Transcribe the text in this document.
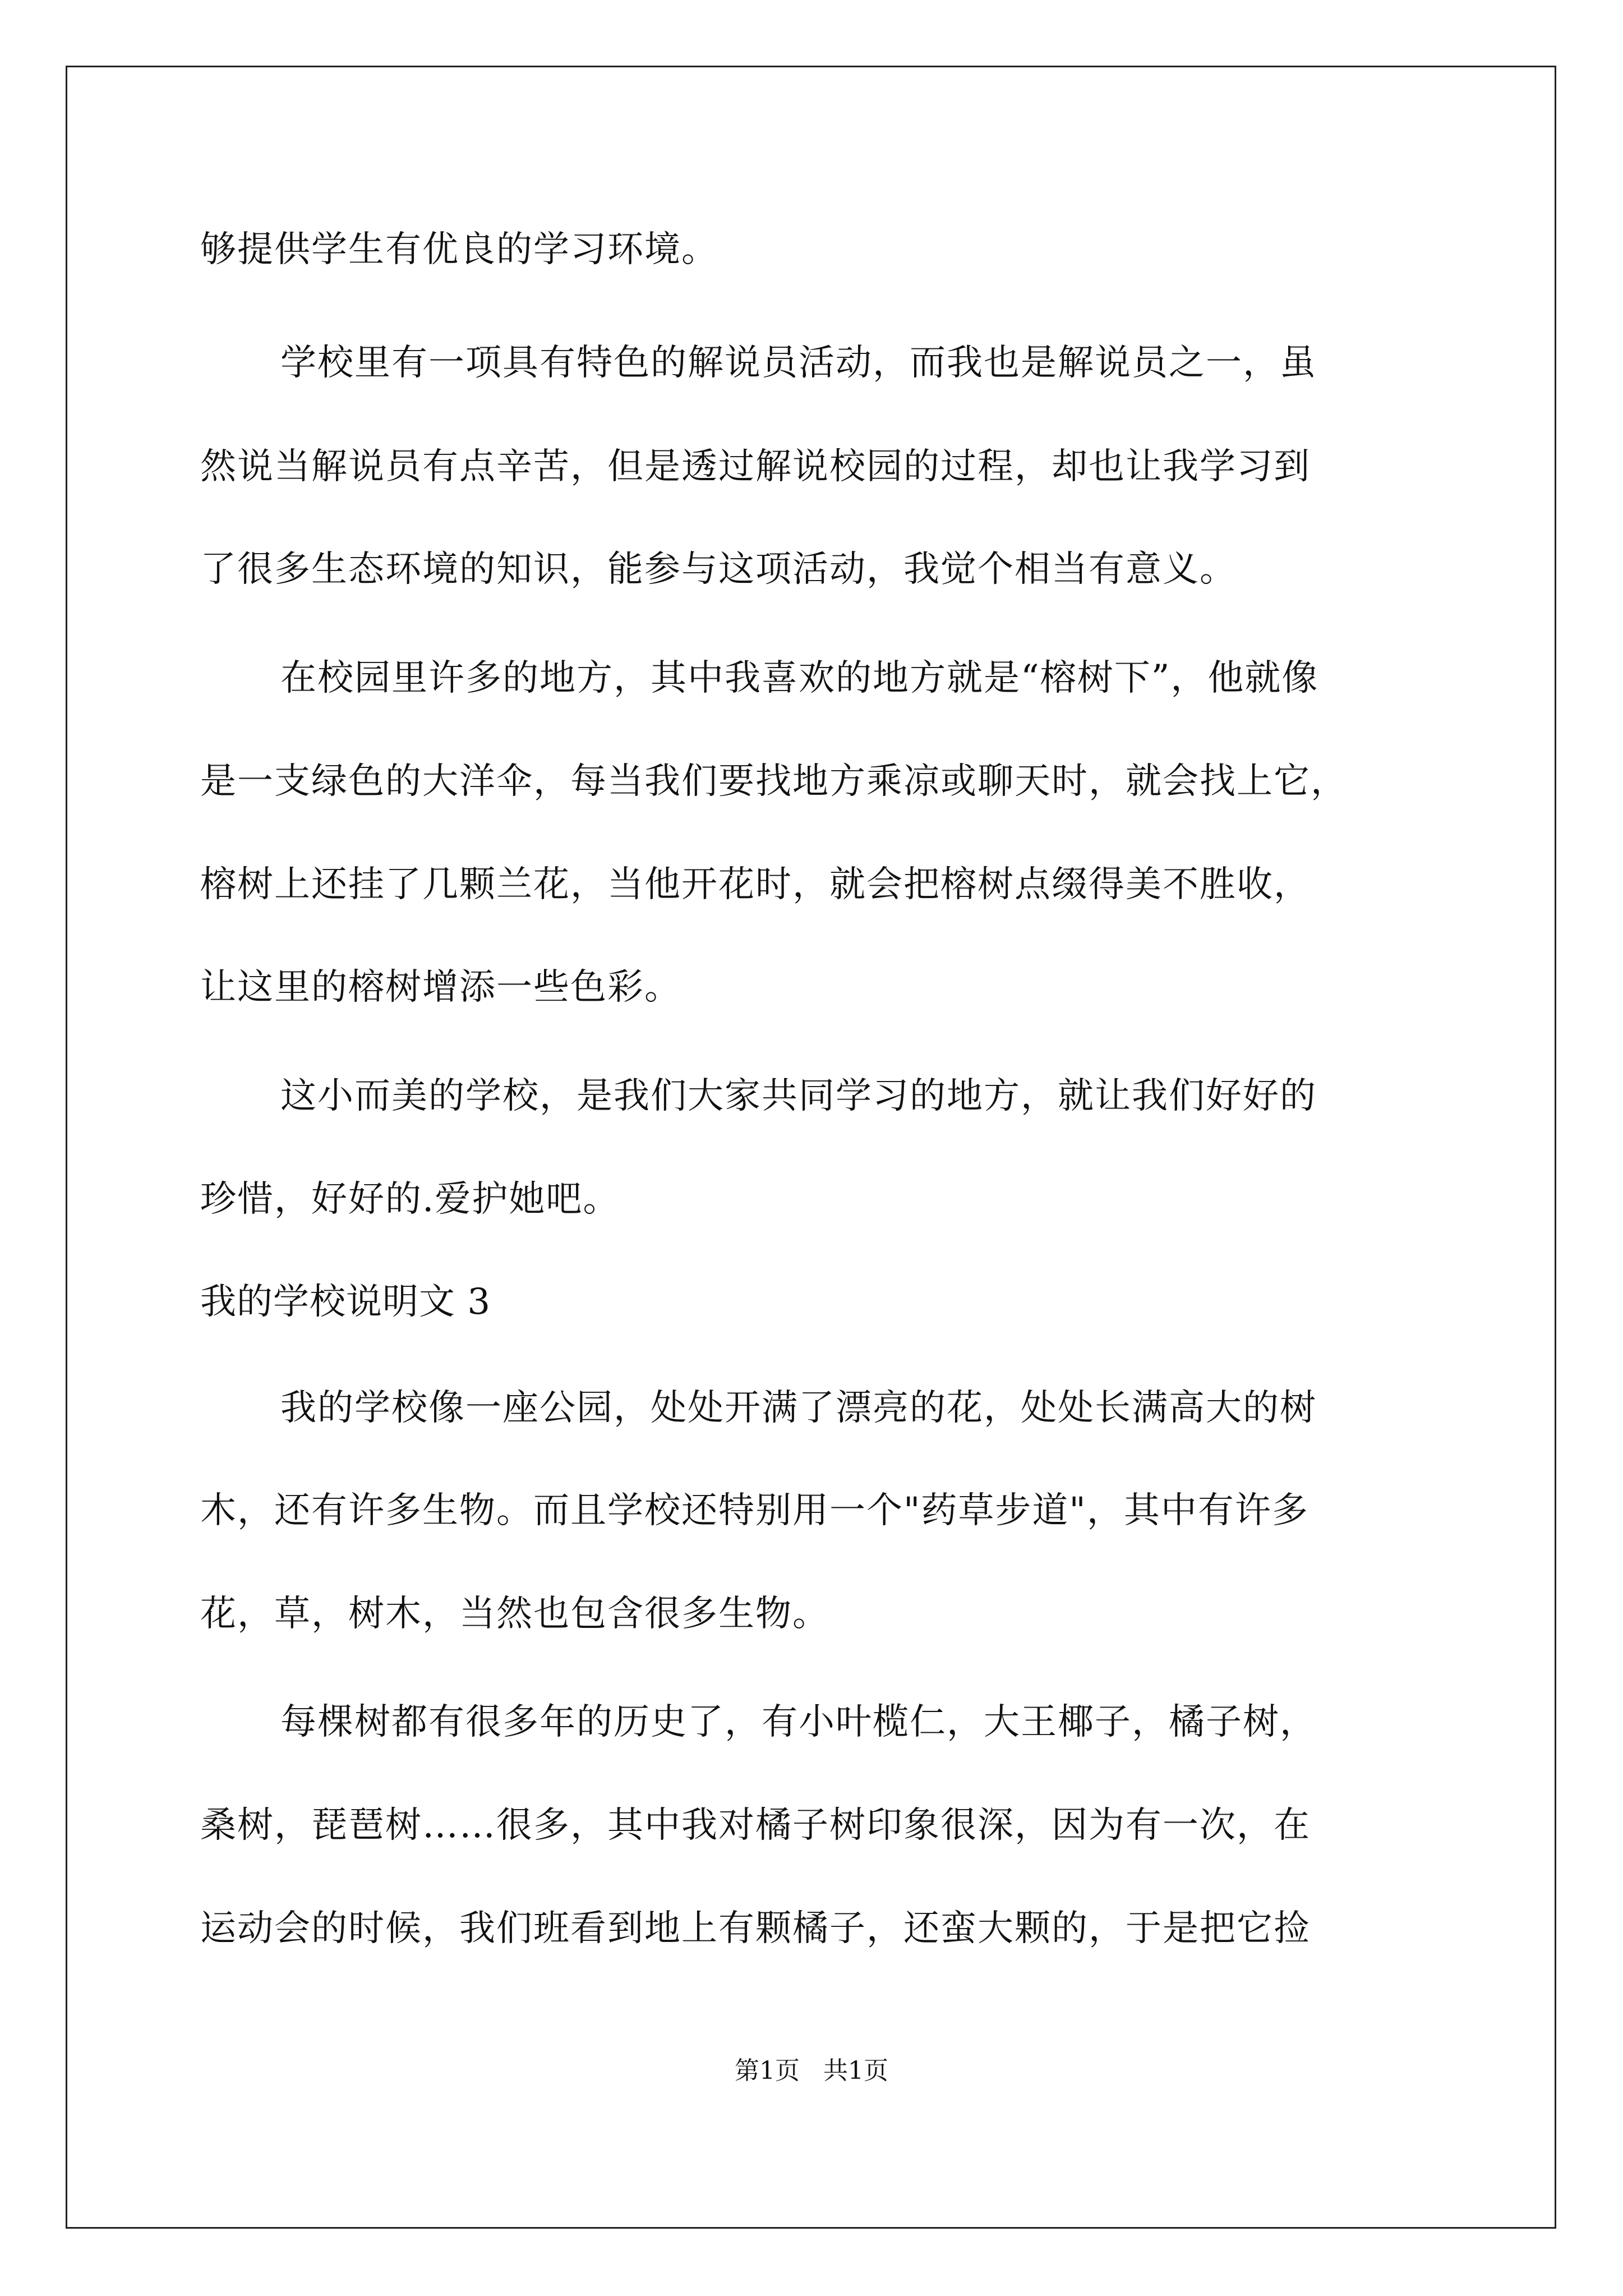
够提供学生有优良的学习环境。
学校里有一项具有特色的解说员活动，而我也是解说员之一，虽
然说当解说员有点辛苦，但是透过解说校园的过程，却也让我学习到
了很多生态环境的知识，能参与这项活动，我觉个相当有意义。
在校园里许多的地方，其中我喜欢的地方就是“榕树下”，他就像
是一支绿色的大洋伞，每当我们要找地方乘凉或聊天时，就会找上它，
榕树上还挂了几颗兰花，当他开花时，就会把榕树点缀得美不胜收，
让这里的榕树增添一些色彩。
这小而美的学校，是我们大家共同学习的地方，就让我们好好的
珍惜，好好的.爱护她吧。
我的学校说明文 3
我的学校像一座公园，处处开满了漂亮的花，处处长满高大的树
木，还有许多生物。而且学校还特别用一个"药草步道"，其中有许多
花，草，树木，当然也包含很多生物。
每棵树都有很多年的历史了，有小叶榄仁，大王椰子，橘子树，
桑树，琵琶树……很多，其中我对橘子树印象很深，因为有一次，在
运动会的时候，我们班看到地上有颗橘子，还蛮大颗的，于是把它捡
第1页   共1页
